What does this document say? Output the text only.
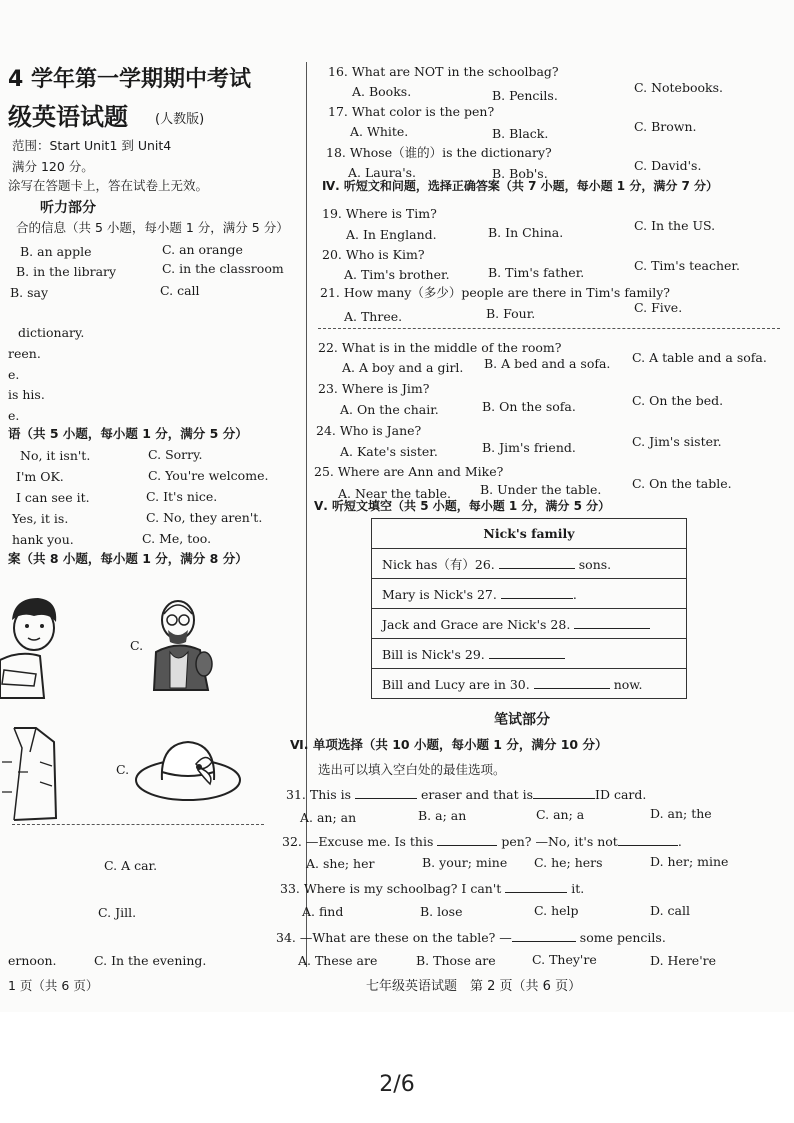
4 学年第一学期期中考试
级英语试题 (人教版)
范围：Start Unit1 到 Unit4
满分 120 分。
涂写在答题卡上，答在试卷上无效。
听力部分
合的信息（共 5 小题，每小题 1 分，满分 5 分）
B. an apple	C. an orange
B. in the library	C. in the classroom
B. say	C. call
dictionary.
reen.
e.
is his.
e.
语（共 5 小题，每小题 1 分，满分 5 分）
No, it isn't.	C. Sorry.
I'm OK.	C. You're welcome.
I can see it.	C. It's nice.
Yes, it is.	C. No, they aren't.
hank you.	C. Me, too.
案（共 8 小题，每小题 1 分，满分 8 分）
C.
C.
C. A car.
C. Jill.
ernoon.	C. In the evening.
1 页（共 6 页）
16. What are NOT in the schoolbag?
A. Books.	B. Pencils.
C. Notebooks.
17. What color is the pen?
A. White.	B. Black.	C. Brown.
18. Whose（谁的）is the dictionary?
A. Laura's.	B. Bob's.
C. David's.
Ⅳ. 听短文和问题，选择正确答案（共 7 小题，每小题 1 分，满分 7 分）
19. Where is Tim?
A. In England.	B. In China.	C. In the US.
20. Who is Kim?
A. Tim's brother.	B. Tim's father.	C. Tim's teacher.
21. How many（多少）people are there in Tim's family?
A. Three.	B. Four.	C. Five.
22. What is in the middle of the room?
A. A boy and a girl. B. A bed and a sofa. C. A table and a sofa.
23. Where is Jim?
A. On the chair.	B. On the sofa.	C. On the bed.
24. Who is Jane?
A. Kate's sister.	B. Jim's friend.	C. Jim's sister.
25. Where are Ann and Mike?
A. Near the table. B. Under the table. C. On the table.
Ⅴ. 听短文填空（共 5 小题，每小题 1 分，满分 5 分）
Nick's family
Nick has（有）26.	sons.
Mary is Nick's 27.	.
Jack and Grace are Nick's 28.
Bill is Nick's 29.
Bill and Lucy are in 30.	now.
笔试部分
Ⅵ. 单项选择（共 10 小题，每小题 1 分，满分 10 分）
选出可以填入空白处的最佳选项。
31. This is	eraser and that is	ID card.
A. an; an	B. a; an	C. an; a	D. an; the
32. —Excuse me. Is this	pen? —No, it's not	.
A. she; her	B. your; mine C. he; hers	D. her; mine
33. Where is my schoolbag? I can't	it.
A. find	B. lose	C. help	D. call
34. —What are these on the table? —	some pencils.
A. These are	B. Those are	C. They're	D. Here're
七年级英语试题　第 2 页（共 6 页）
2/6
